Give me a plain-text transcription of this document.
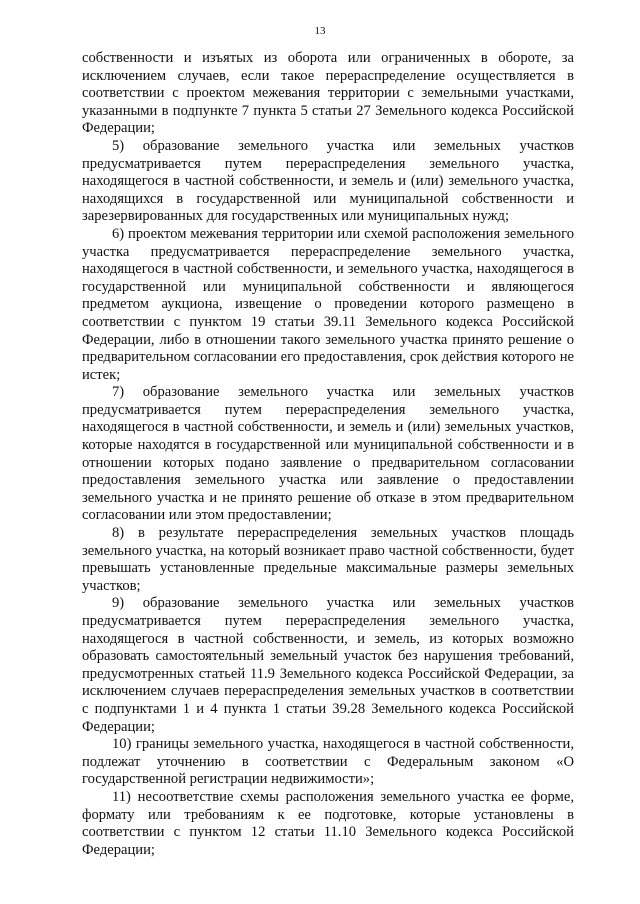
13

собственности и изъятых из оборота или ограниченных в обороте, за исключением случаев, если такое перераспределение осуществляется в соответствии с проектом межевания территории с земельными участками, указанными в подпункте 7 пункта 5 статьи 27 Земельного кодекса Российской Федерации;

5) образование земельного участка или земельных участков предусматривается путем перераспределения земельного участка, находящегося в частной собственности, и земель и (или) земельного участка, находящихся в государственной или муниципальной собственности и зарезервированных для государственных или муниципальных нужд;

6) проектом межевания территории или схемой расположения земельного участка предусматривается перераспределение земельного участка, находящегося в частной собственности, и земельного участка, находящегося в государственной или муниципальной собственности и являющегося предметом аукциона, извещение о проведении которого размещено в соответствии с пунктом 19 статьи 39.11 Земельного кодекса Российской Федерации, либо в отношении такого земельного участка принято решение о предварительном согласовании его предоставления, срок действия которого не истек;

7) образование земельного участка или земельных участков предусматривается путем перераспределения земельного участка, находящегося в частной собственности, и земель и (или) земельных участков, которые находятся в государственной или муниципальной собственности и в отношении которых подано заявление о предварительном согласовании предоставления земельного участка или заявление о предоставлении земельного участка и не принято решение об отказе в этом предварительном согласовании или этом предоставлении;

8) в результате перераспределения земельных участков площадь земельного участка, на который возникает право частной собственности, будет превышать установленные предельные максимальные размеры земельных участков;

9) образование земельного участка или земельных участков предусматривается путем перераспределения земельного участка, находящегося в частной собственности, и земель, из которых возможно образовать самостоятельный земельный участок без нарушения требований, предусмотренных статьей 11.9 Земельного кодекса Российской Федерации, за исключением случаев перераспределения земельных участков в соответствии с подпунктами 1 и 4 пункта 1 статьи 39.28 Земельного кодекса Российской Федерации;

10) границы земельного участка, находящегося в частной собственности, подлежат уточнению в соответствии с Федеральным законом «О государственной регистрации недвижимости»;

11) несоответствие схемы расположения земельного участка ее форме, формату или требованиям к ее подготовке, которые установлены в соответствии с пунктом 12 статьи 11.10 Земельного кодекса Российской Федерации;
